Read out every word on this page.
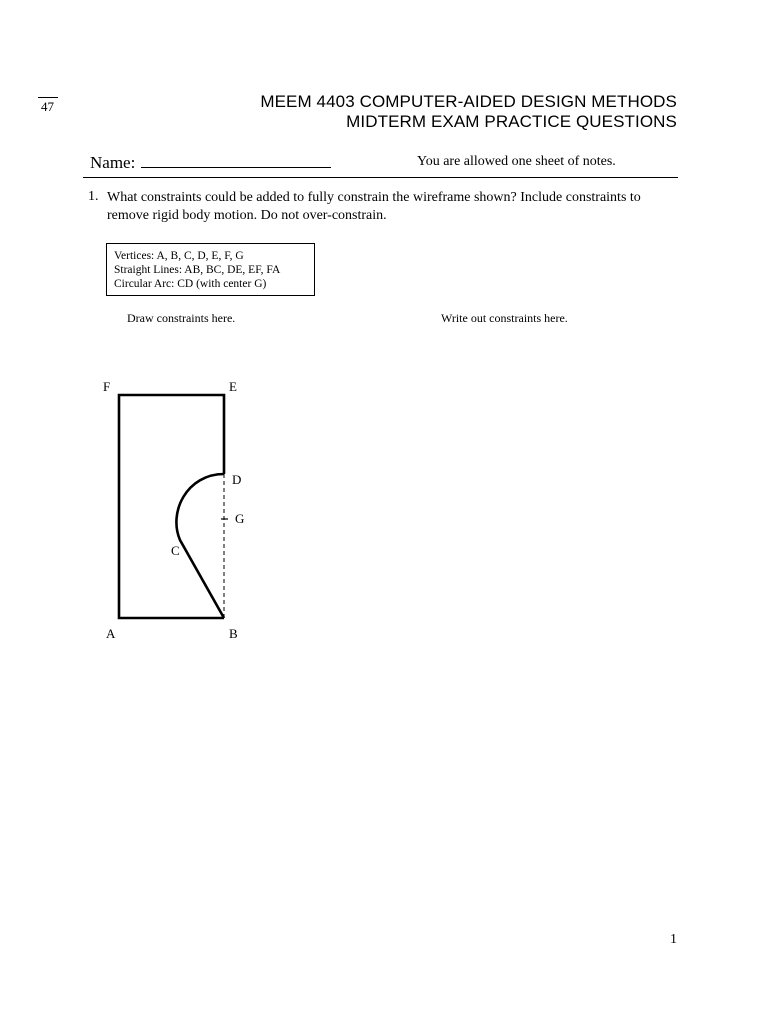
47	MEEM 4403 COMPUTER-AIDED DESIGN METHODS
MIDTERM EXAM PRACTICE QUESTIONS
Name:	You are allowed one sheet of notes.
1. What constraints could be added to fully constrain the wireframe shown? Include constraints to remove rigid body motion. Do not over-constrain.
Vertices: A, B, C, D, E, F, G
Straight Lines: AB, BC, DE, EF, FA
Circular Arc: CD (with center G)
Draw constraints here.	Write out constraints here.
F	E
D
G
C
A	B
1
